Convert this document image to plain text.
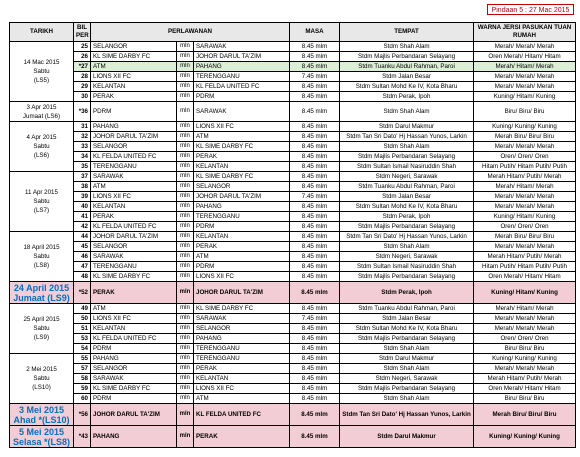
Pindaan 5 : 27 Mac 2015
TARIKH	BIL PER	PERLAWANAN			MASA	TEMPAT	WARNA JERSI PASUKAN TUAN RUMAH
14 Mac 2015
Sabtu
(LS5)	25	SELANGOR	mln	SARAWAK	8.45 mlm	Stdm Shah Alam	Merah/ Merah/ Merah
	26	KL SIME DARBY FC	mln	JOHOR DARUL TA'ZIM	8.45 mlm	Stdm Majlis Perbandaran Selayang	Oren Merah/ Hitam/ Hitam
	*27	ATM	mln	PAHANG	8.45 mlm	Stdm Tuanku Abdul Rahman, Paroi	Merah/ Hitam/ Merah
	28	LIONS XII FC	mln	TERENGGANU	7.45 mlm	Stdm Jalan Besar	Merah/ Merah/ Merah
	29	KELANTAN	mln	KL FELDA UNITED FC	8.45 mlm	Stdm Sultan Mohd Ke IV, Kota Bharu	Merah/ Merah/ Merah
	30	PERAK	mln	PDRM	8.45 mlm	Stdm Perak, Ipoh	Kuning/ Hitam/ Kuning
3 Apr 2015
Jumaat (LS6)	*36	PDRM	mln	SARAWAK	8.45 mlm	Stdm Shah Alam	Biru/ Biru/ Biru
4 Apr 2015
Sabtu
(LS6)	31	PAHANG	mln	LIONS XII FC	8.45 mlm	Stdm Darul Makmur	Kuning/ Kuning/ Kuning
	32	JOHOR DARUL TA'ZIM	mln	ATM	8.45 mlm	Stdm Tan Sri Dato' Hj Hassan Yunos, Larkin	Merah Biru/ Biru/ Biru
	33	SELANGOR	mln	KL SIME DARBY FC	8.45 mlm	Stdm Shah Alam	Merah/ Merah/ Merah
	34	KL FELDA UNITED FC	mln	PERAK	8.45 mlm	Stdm Majlis Perbandaran Selayang	Oren/ Oren/ Oren
	35	TERENGGANU	mln	KELANTAN	8.45 mlm	Stdm Sultan Ismail Nasiruddin Shah	Hitam Putih/ Hitam Putih/ Putih
11 Apr 2015
Sabtu
(LS7)	37	SARAWAK	mln	KL SIME DARBY FC	8.45 mlm	Stdm Negeri, Sarawak	Merah Hitam/ Putih/ Merah
	38	ATM	mln	SELANGOR	8.45 mlm	Stdm Tuanku Abdul Rahman, Paroi	Merah/ Hitam/ Merah
	39	LIONS XII FC	mln	JOHOR DARUL TA'ZIM	7.45 mlm	Stdm Jalan Besar	Merah/ Merah/ Merah
	40	KELANTAN	mln	PAHANG	8.45 mlm	Stdm Sultan Mohd Ke IV, Kota Bharu	Merah/ Merah/ Merah
	41	PERAK	mln	TERENGGANU	8.45 mlm	Stdm Perak, Ipoh	Kuning/ Hitam/ Kuning
	42	KL FELDA UNITED FC	mln	PDRM	8.45 mlm	Stdm Majlis Perbandaran Selayang	Oren/ Oren/ Oren
18 April 2015
Sabtu
(LS8)	44	JOHOR DARUL TA'ZIM	mln	KELANTAN	8.45 mlm	Stdm Tan Sri Dato' Hj Hassan Yunos, Larkin	Merah Biru/ Biru/ Biru
	45	SELANGOR	mln	PERAK	8.45 mlm	Stdm Shah Alam	Merah/ Merah/ Merah
	46	SARAWAK	mln	ATM	8.45 mlm	Stdm Negeri, Sarawak	Merah Hitam/ Putih/ Merah
	47	TERENGGANU	mln	PDRM	8.45 mlm	Stdm Sultan Ismail Nasiruddin Shah	Hitam Putih/ Hitam Putih/ Putih
	48	KL SIME DARBY FC	mln	LIONS XII FC	8.45 mlm	Stdm Majlis Perbandaran Selayang	Oren Merah/ Hitam/ Hitam
24 April 2015
Jumaat (LS9)	*52	PERAK	mln	JOHOR DARUL TA'ZIM	8.45 mlm	Stdm Perak, Ipoh	Kuning/ Hitam/ Kuning
25 April 2015
Sabtu
(LS9)	49	ATM	mln	KL SIME DARBY FC	8.45 mlm	Stdm Tuanku Abdul Rahman, Paroi	Merah/ Hitam/ Merah
	50	LIONS XII FC	mln	SARAWAK	7.45 mlm	Stdm Jalan Besar	Merah/ Merah/ Merah
	51	KELANTAN	mln	SELANGOR	8.45 mlm	Stdm Sultan Mohd Ke IV, Kota Bharu	Merah/ Merah/ Merah
	53	KL FELDA UNITED FC	mln	PAHANG	8.45 mlm	Stdm Majlis Perbandaran Selayang	Oren/ Oren/ Oren
	54	PDRM	mln	TERENGGANU	8.45 mlm	Stdm Shah Alam	Biru/ Biru/ Biru
2 Mei 2015
Sabtu
(LS10)	55	PAHANG	mln	TERENGGANU	8.45 mlm	Stdm Darul Makmur	Kuning/ Kuning/ Kuning
	57	SELANGOR	mln	PERAK	8.45 mlm	Stdm Shah Alam	Merah/ Merah/ Merah
	58	SARAWAK	mln	KELANTAN	8.45 mlm	Stdm Negeri, Sarawak	Merah Hitam/ Putih/ Merah
	59	KL SIME DARBY FC	mln	LIONS XII FC	8.45 mlm	Stdm Majlis Perbandaran Selayang	Oren Merah/ Hitam/ Hitam
	60	PDRM	mln	ATM	8.45 mlm	Stdm Shah Alam	Biru/ Biru/ Biru
3 Mei 2015
Ahad *(LS10)	*56	JOHOR DARUL TA'ZIM	mln	KL FELDA UNITED FC	8.45 mlm	Stdm Tan Sri Dato' Hj Hassan Yunos, Larkin	Merah Biru/ Biru/ Biru
5 Mei 2015
Selasa *(LS8)	*43	PAHANG	mln	PERAK	8.45 mlm	Stdm Darul Makmur	Kuning/ Kuning/ Kuning
